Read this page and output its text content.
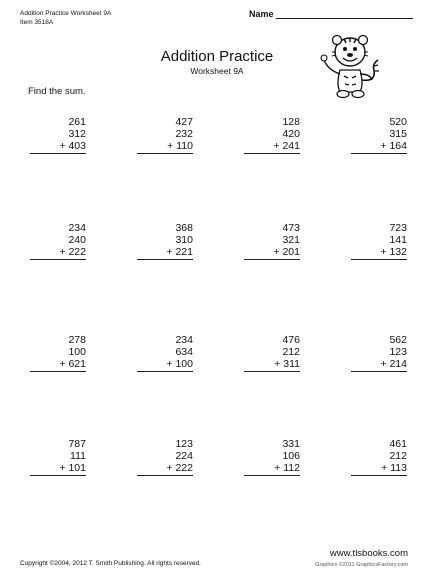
Addition Practice Worksheet 9A
Item 3518A
Name
Addition Practice
Worksheet 9A
Find the sum.
261
312
+ 403
427
232
+ 110
128
420
+ 241
520
315
+ 164
234
240
+ 222
368
310
+ 221
473
321
+ 201
723
141
+ 132
278
100
+ 621
234
634
+ 100
476
212
+ 311
562
123
+ 214
787
111
+ 101
123
224
+ 222
331
106
+ 112
461
212
+ 113
Copyright ©2004, 2012 T. Smith Publishing. All rights reserved.
www.tlsbooks.com
Graphics ©2011 GraphicsFactory.com
